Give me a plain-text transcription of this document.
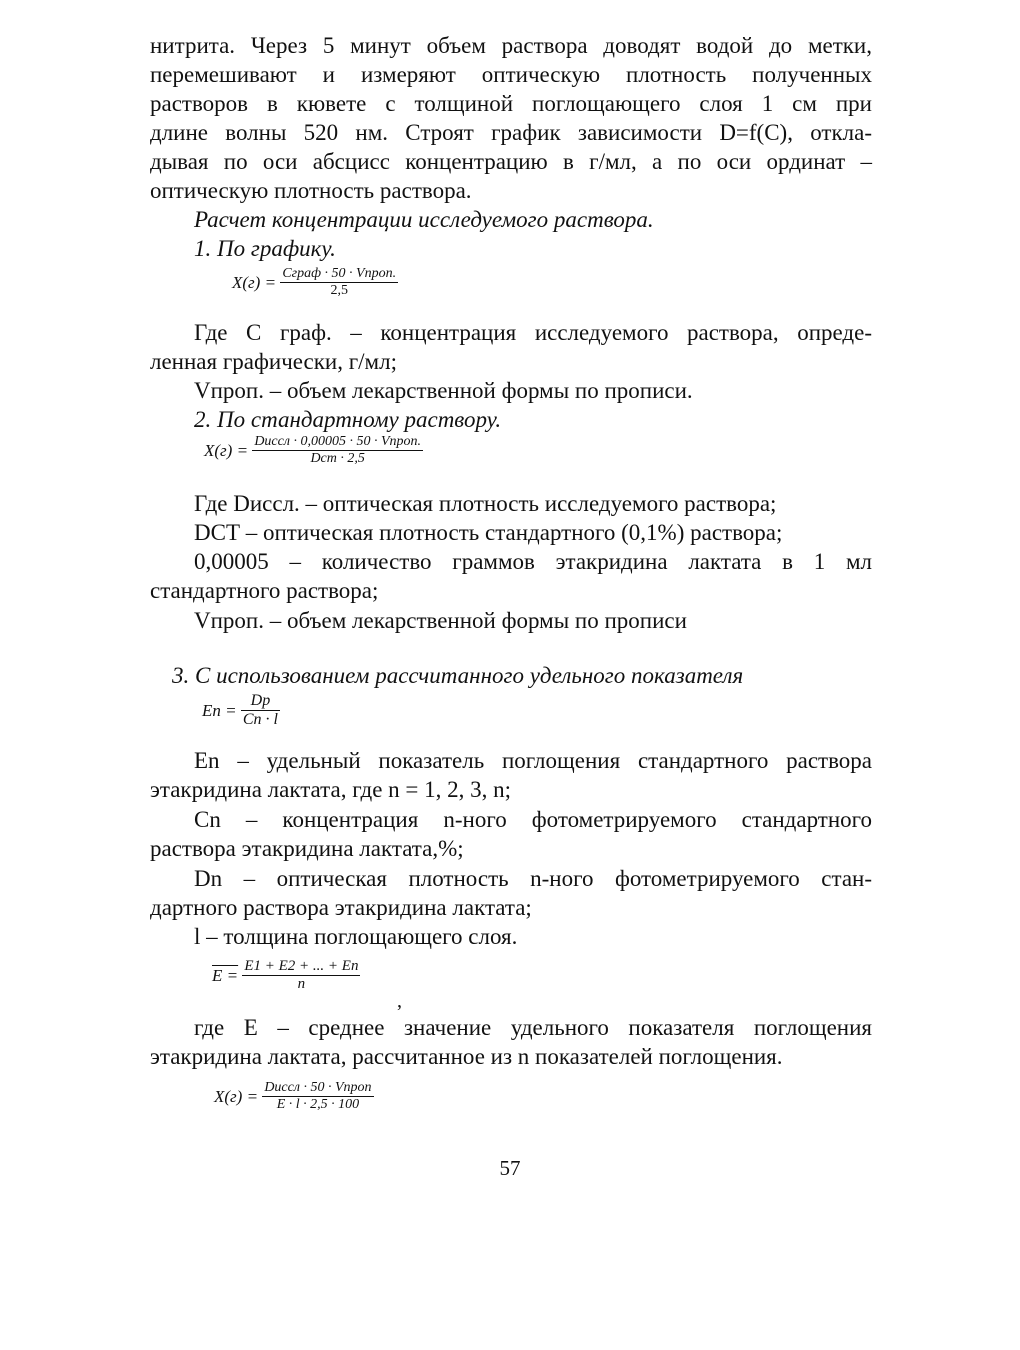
нитрита. Через 5 минут объем раствора доводят водой до метки,
перемешивают и измеряют оптическую плотность полученных
растворов в кювете с толщиной поглощающего слоя 1 см при
длине волны 520 нм. Строят график зависимости D=f(C), откла-
дывая по оси абсцисс концентрацию в г/мл, а по оси ординат –
оптическую плотность раствора.
Расчет концентрации исследуемого раствора.
1. По графику.
$X(г) = \frac{\text{Cграф · 50 · Vпроп.}}{2,5}$
Где С граф. – концентрация исследуемого раствора, опреде-
ленная графически, г/мл;
Vпроп. – объем лекарственной формы по прописи.
2. По стандартному раствору.
$X(г) = \frac{\text{Dиссл · 0,00005 · 50 · Vпроп.}}{\text{Dст · 2,5}}$
Где Dиссл. – оптическая плотность исследуемого раствора;
DСТ – оптическая плотность стандартного (0,1%) раствора;
0,00005 – количество граммов этакридина лактата в 1 мл
стандартного раствора;
Vпроп. – объем лекарственной формы по прописи
3. С использованием рассчитанного удельного показателя
$En = \frac{Dр}{Cn \cdot l}$
En – удельный показатель поглощения стандартного раствора
этакридина лактата, где n = 1, 2, 3, n;
Cn – концентрация n-ного фотометрируемого стандартного
раствора этакридина лактата,%;
Dn – оптическая плотность n-ного фотометрируемого стан-
дартного раствора этакридина лактата;
l – толщина поглощающего слоя.
$E = \frac{E1 + E2 + ... + En}{n}$
,
где E – среднее значение удельного показателя поглощения
этакридина лактата, рассчитанное из n показателей поглощения.
$X(г) = \frac{\text{Dиссл · 50 · Vпроп}}{E \cdot l \cdot 2,5 \cdot 100}$
57
